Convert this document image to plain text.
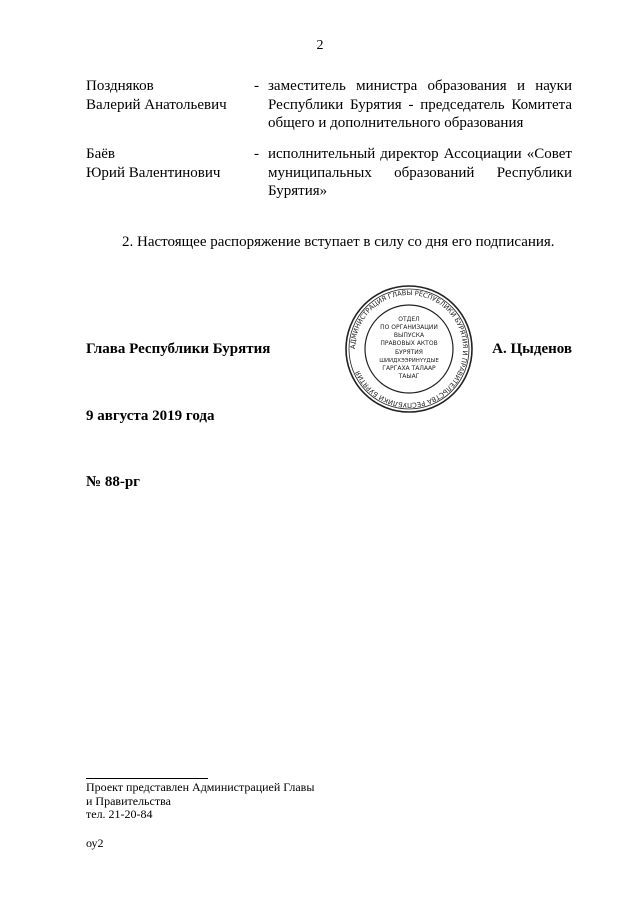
2
Поздняков
Валерий Анатольевич
- заместитель министра образования и науки Республики Бурятия - председатель Комитета общего и дополнительного образования
Баёв
Юрий Валентинович
- исполнительный директор Ассоциации «Совет муниципальных образований Республики Бурятия»
2. Настоящее распоряжение вступает в силу со дня его подписания.
АДМИНИСТРАЦИЯ ГЛАВЫ РЕСПУБЛИКИ БУРЯТИЯ И ПРАВИТЕЛЬСТВА РЕСПУБЛИКИ БУРЯТИЯ
ОТДЕЛ
ПО ОРГАНИЗАЦИИ
ВЫПУСКА
ПРАВОВЫХ АКТОВ
БУРЯТИЯ
ШИИДХЭЭРИНҮҮДЫЕ
ГАРГАХА ТАЛААР
ТАЫАГ
Глава Республики Бурятия	А. Цыденов
9 августа 2019 года
№ 88-рг
Проект представлен Администрацией Главы
и Правительства
тел. 21-20-84
оу2
